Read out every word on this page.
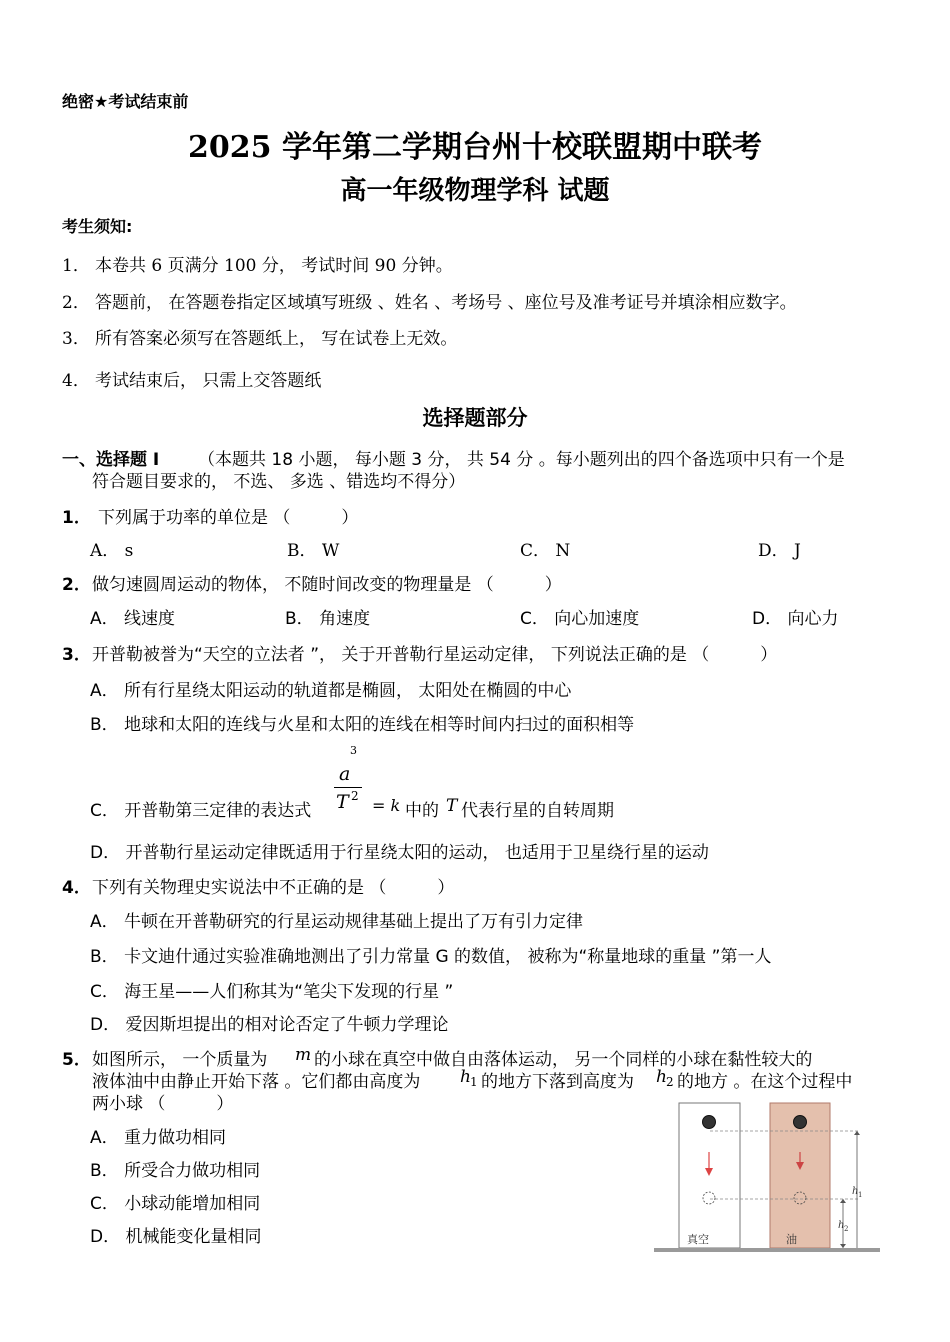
绝密★考试结束前
2025 学年第二学期台州十校联盟期中联考
高一年级物理学科 试题
考生须知:
1． 本卷共 6 页满分 100 分， 考试时间 90 分钟。
2． 答题前， 在答题卷指定区域填写班级 、姓名 、考场号 、座位号及准考证号并填涂相应数字。
3． 所有答案必须写在答题纸上， 写在试卷上无效。
4． 考试结束后， 只需上交答题纸
选择题部分
一、选择题 Ⅰ （本题共 18 小题， 每小题 3 分， 共 54 分 。每小题列出的四个备选项中只有一个是
符合题目要求的， 不选、 多选 、错选均不得分）
1． 下列属于功率的单位是 （　　　）
A． s	B． W	C． N	D． J
2． 做匀速圆周运动的物体， 不随时间改变的物理量是 （　　　）
A． 线速度	B． 角速度	C． 向心加速度	D． 向心力
3． 开普勒被誉为“天空的立法者 ”， 关于开普勒行星运动定律， 下列说法正确的是 （　　　）
A． 所有行星绕太阳运动的轨道都是椭圆， 太阳处在椭圆的中心
B． 地球和太阳的连线与火星和太阳的连线在相等时间内扫过的面积相等
3
a
C． 开普勒第三定律的表达式 T 2 = k 中的 T 代表行星的自转周期
D． 开普勒行星运动定律既适用于行星绕太阳的运动， 也适用于卫星绕行星的运动
4． 下列有关物理史实说法中不正确的是 （　　　）
A． 牛顿在开普勒研究的行星运动规律基础上提出了万有引力定律
B． 卡文迪什通过实验准确地测出了引力常量 G 的数值， 被称为“称量地球的重量 ”第一人
C． 海王星——人们称其为“笔尖下发现的行星 ”
D． 爱因斯坦提出的相对论否定了牛顿力学理论
5． 如图所示， 一个质量为 m 的小球在真空中做自由落体运动， 另一个同样的小球在黏性较大的
液体油中由静止开始下落 。它们都由高度为 h 1 的地方下落到高度为 h 2 的地方 。在这个过程中
两小球 （　　　）
A． 重力做功相同
B． 所受合力做功相同
C． 小球动能增加相同
D． 机械能变化量相同
h 1
h 2
真空	油
